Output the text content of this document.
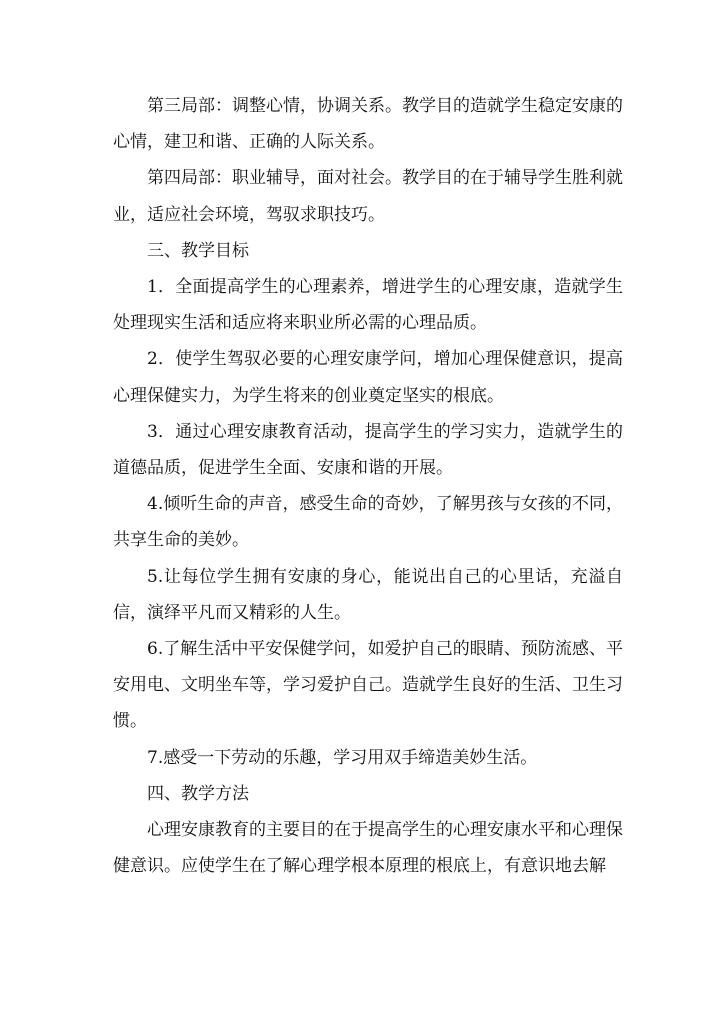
第三局部：调整心情，协调关系。教学目的造就学生稳定安康的心情，建卫和谐、正确的人际关系。

第四局部：职业辅导，面对社会。教学目的在于辅导学生胜利就业，适应社会环境，驾驭求职技巧。

三、教学目标

1．全面提高学生的心理素养，增进学生的心理安康，造就学生处理现实生活和适应将来职业所必需的心理品质。

2．使学生驾驭必要的心理安康学问，增加心理保健意识，提高心理保健实力，为学生将来的创业奠定坚实的根底。

3．通过心理安康教育活动，提高学生的学习实力，造就学生的道德品质，促进学生全面、安康和谐的开展。

4.倾听生命的声音，感受生命的奇妙，了解男孩与女孩的不同，共享生命的美妙。

5.让每位学生拥有安康的身心，能说出自己的心里话，充溢自信，演绎平凡而又精彩的人生。

6.了解生活中平安保健学问，如爱护自己的眼睛、预防流感、平安用电、文明坐车等，学习爱护自己。造就学生良好的生活、卫生习惯。

7.感受一下劳动的乐趣，学习用双手缔造美妙生活。

四、教学方法

心理安康教育的主要目的在于提高学生的心理安康水平和心理保健意识。应使学生在了解心理学根本原理的根底上，有意识地去解
